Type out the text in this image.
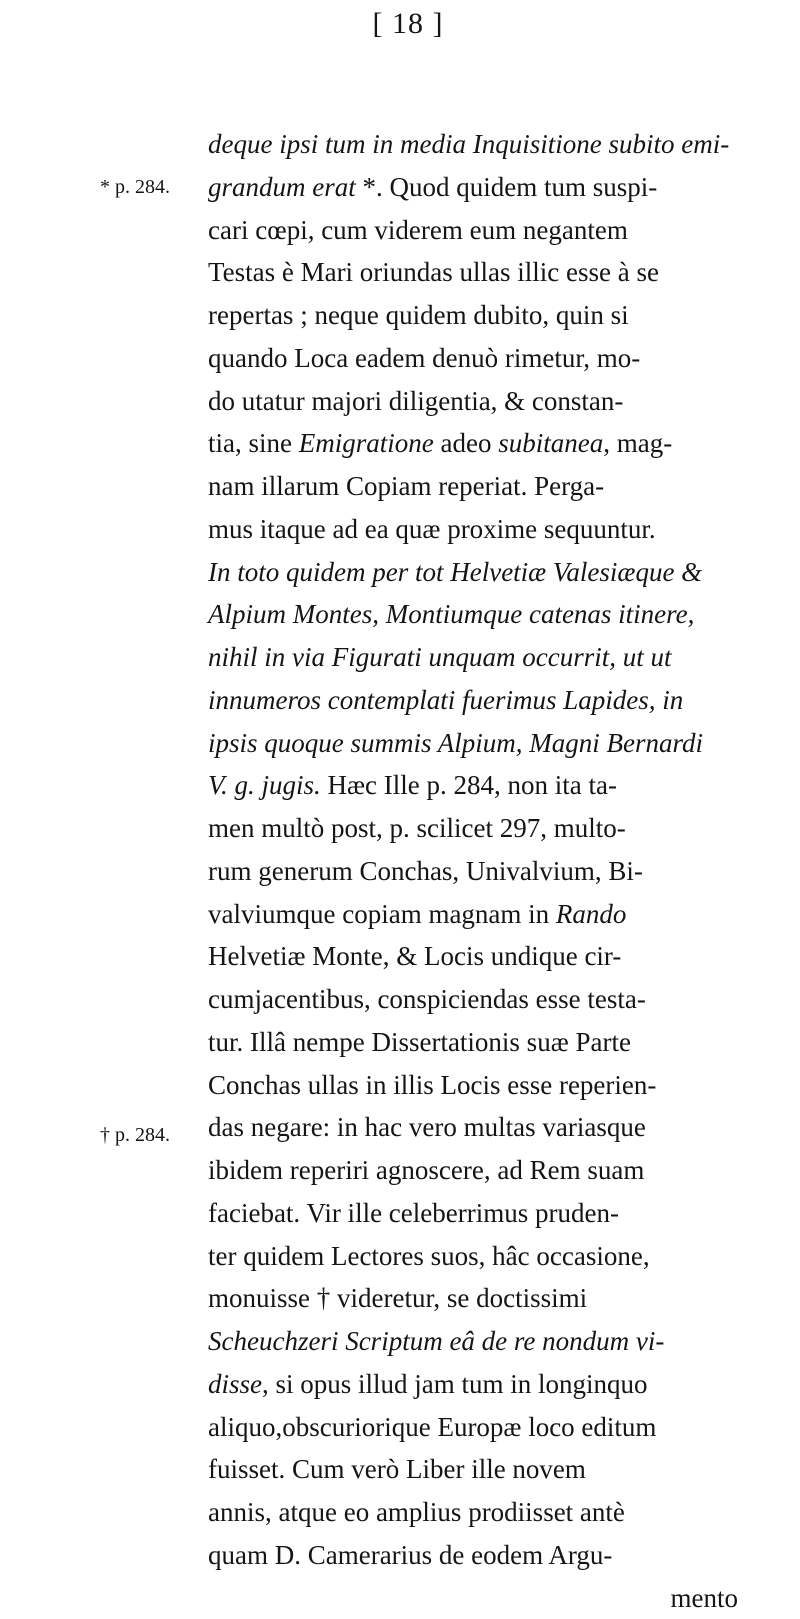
[ 18 ]
* p. 284.
† p. 284.
deque ipsi tum in media Inquisitione subito emi-
grandum erat *. Quod quidem tum suspi-
cari cœpi, cum viderem eum negantem
Testas è Mari oriundas ullas illic esse à se
repertas ; neque quidem dubito, quin si
quando Loca eadem denuò rimetur, mo-
do utatur majori diligentia, & constan-
tia, sine Emigratione adeo subitanea, mag-
nam illarum Copiam reperiat. Perga-
mus itaque ad ea quæ proxime sequuntur.
In toto quidem per tot Helvetiæ Valesiæque &
Alpium Montes, Montiumque catenas itinere,
nihil in via Figurati unquam occurrit, ut ut
innumeros contemplati fuerimus Lapides, in
ipsis quoque summis Alpium, Magni Bernardi
V. g. jugis. Hæc Ille p. 284, non ita ta-
men multò post, p. scilicet 297, multo-
rum generum Conchas, Univalvium, Bi-
valviumque copiam magnam in Rando
Helvetiæ Monte, & Locis undique cir-
cumjacentibus, conspiciendas esse testa-
tur. Illâ nempe Dissertationis suæ Parte
Conchas ullas in illis Locis esse reperien-
das negare: in hac vero multas variasque
ibidem reperiri agnoscere, ad Rem suam
faciebat. Vir ille celeberrimus pruden-
ter quidem Lectores suos, hâc occasione,
monuisse † videretur, se doctissimi
Scheuchzeri Scriptum eâ de re nondum vi-
disse, si opus illud jam tum in longinquo
aliquo,obscuriorique Europæ loco editum
fuisset. Cum verò Liber ille novem
annis, atque eo amplius prodiisset antè
quam D. Camerarius de eodem Argu-
mento
